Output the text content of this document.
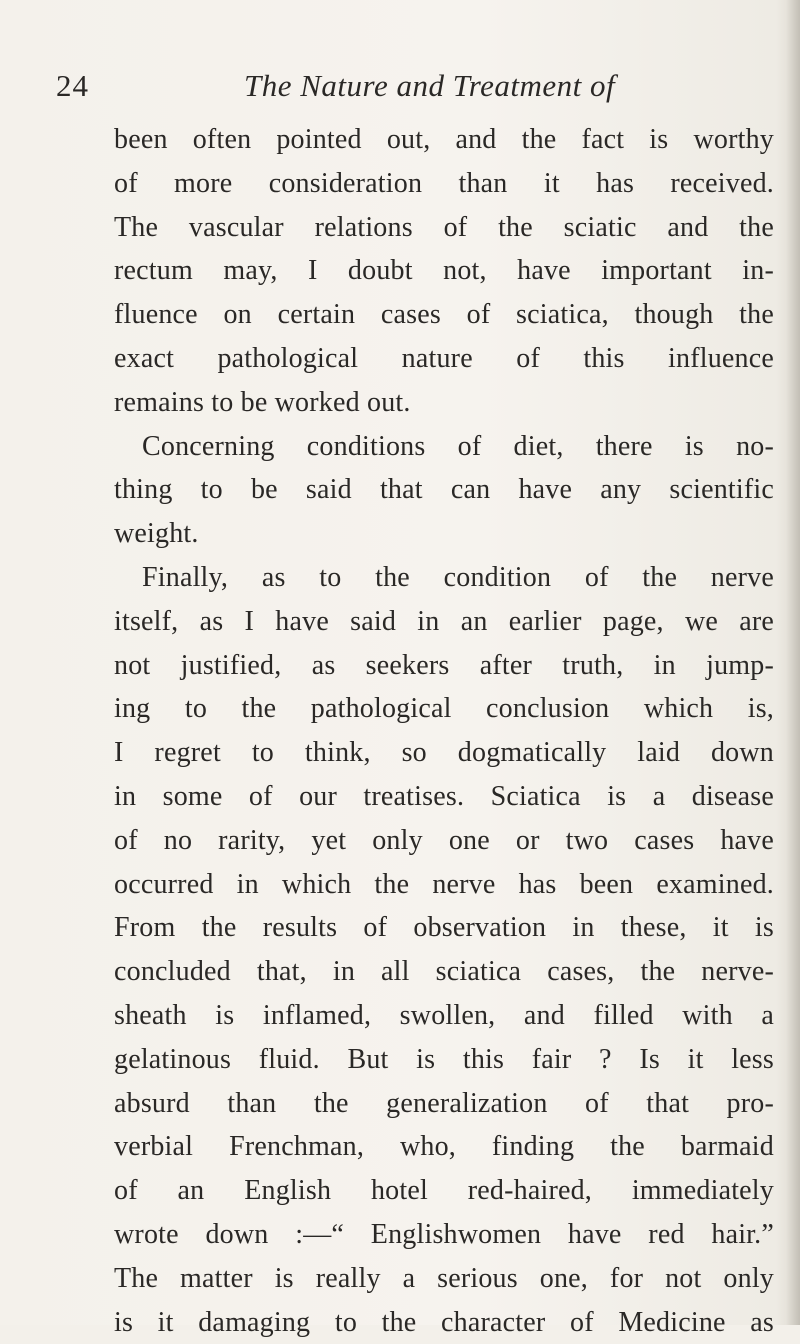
24	The Nature and Treatment of
been often pointed out, and the fact is worthy
of more consideration than it has received.
The vascular relations of the sciatic and the
rectum may, I doubt not, have important in-
fluence on certain cases of sciatica, though the
exact pathological nature of this influence
remains to be worked out.
Concerning conditions of diet, there is no-
thing to be said that can have any scientific
weight.
Finally, as to the condition of the nerve
itself, as I have said in an earlier page, we are
not justified, as seekers after truth, in jump-
ing to the pathological conclusion which is,
I regret to think, so dogmatically laid down
in some of our treatises. Sciatica is a disease
of no rarity, yet only one or two cases have
occurred in which the nerve has been examined.
From the results of observation in these, it is
concluded that, in all sciatica cases, the nerve-
sheath is inflamed, swollen, and filled with a
gelatinous fluid. But is this fair ? Is it less
absurd than the generalization of that pro-
verbial Frenchman, who, finding the barmaid
of an English hotel red-haired, immediately
wrote down :—“ Englishwomen have red hair.”
The matter is really a serious one, for not only
is it damaging to the character of Medicine as
